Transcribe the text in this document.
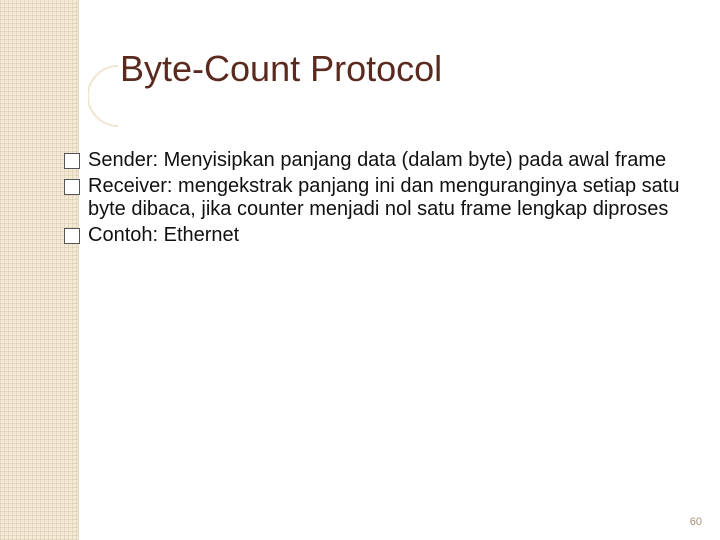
Byte-Count Protocol
Sender: Menyisipkan panjang data (dalam byte) pada awal frame
Receiver: mengekstrak panjang ini dan menguranginya setiap satu byte dibaca, jika counter menjadi nol satu frame lengkap diproses
Contoh: Ethernet
60
